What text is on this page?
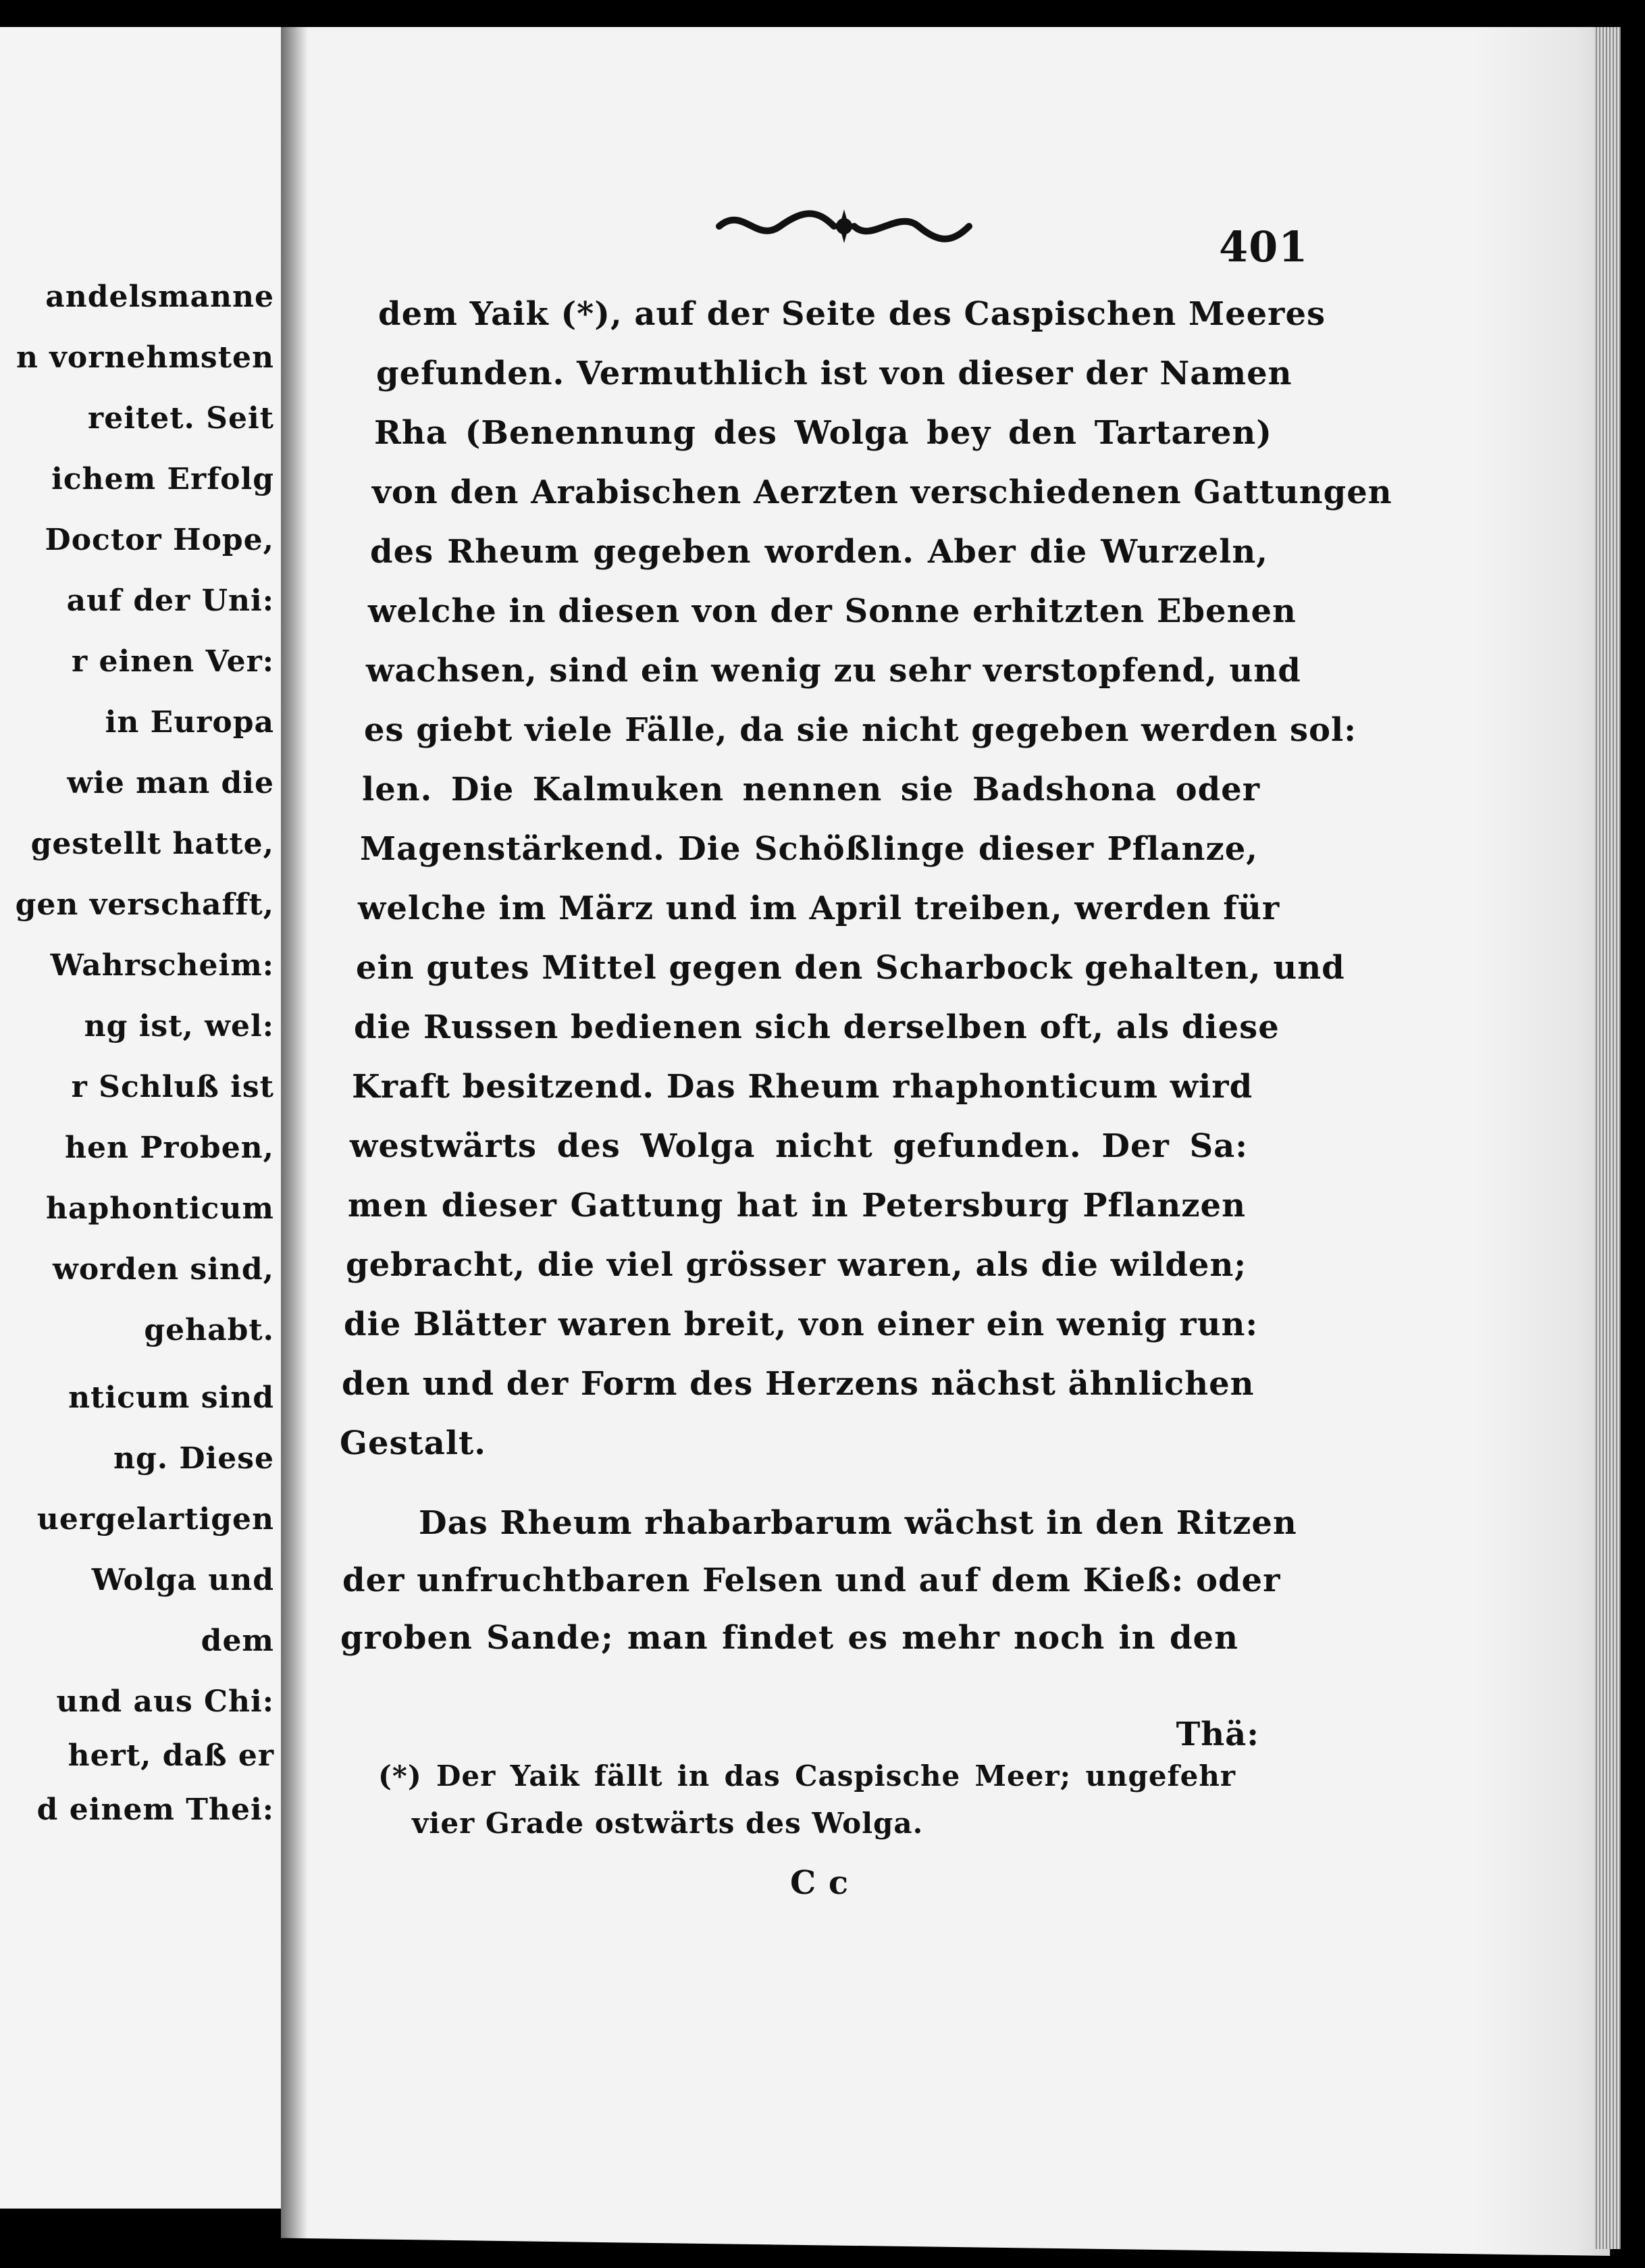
andelsmanne
n vornehmsten
reitet. Seit
ichem Erfolg
Doctor Hope,
auf der Uni:
r einen Ver:
in Europa
wie man die
gestellt hatte,
gen verschafft,
Wahrscheim:
ng ist, wel:
r Schluß ist
hen Proben,
haphonticum
worden sind,
gehabt.
nticum sind
ng. Diese
uergelartigen
Wolga und
dem
und aus Chi:
hert, daß er
d einem Thei:
401
dem Yaik (*), auf der Seite des Caspischen Meeres
gefunden. Vermuthlich ist von dieser der Namen
Rha (Benennung des Wolga bey den Tartaren)
von den Arabischen Aerzten verschiedenen Gattungen
des Rheum gegeben worden. Aber die Wurzeln,
welche in diesen von der Sonne erhitzten Ebenen
wachsen, sind ein wenig zu sehr verstopfend, und
es giebt viele Fälle, da sie nicht gegeben werden sol:
len. Die Kalmuken nennen sie Badshona oder
Magenstärkend. Die Schößlinge dieser Pflanze,
welche im März und im April treiben, werden für
ein gutes Mittel gegen den Scharbock gehalten, und
die Russen bedienen sich derselben oft, als diese
Kraft besitzend. Das Rheum rhaphonticum wird
westwärts des Wolga nicht gefunden. Der Sa:
men dieser Gattung hat in Petersburg Pflanzen
gebracht, die viel grösser waren, als die wilden;
die Blätter waren breit, von einer ein wenig run:
den und der Form des Herzens nächst ähnlichen
Gestalt.
Das Rheum rhabarbarum wächst in den Ritzen
der unfruchtbaren Felsen und auf dem Kieß: oder
groben Sande; man findet es mehr noch in den
Thä:
(*) Der Yaik fällt in das Caspische Meer; ungefehr
vier Grade ostwärts des Wolga.
C c
